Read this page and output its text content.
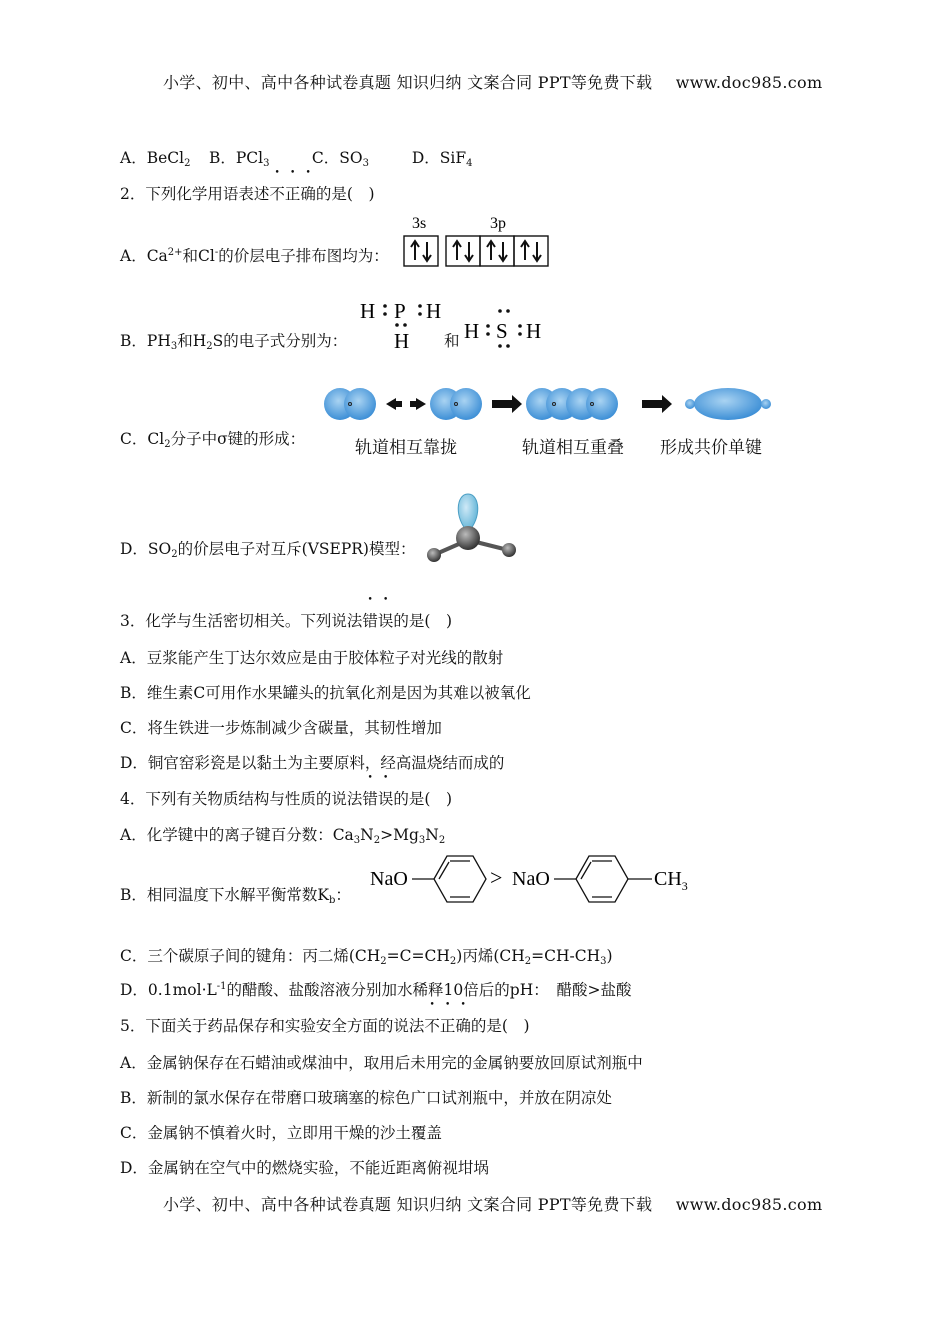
小学、初中、高中各种试卷真题 知识归纳 文案合同 PPT等免费下载 www.doc985.com
A．BeCl$_2$ B．PCl$_3$	C．$SO_3$	D．SiF$_4$
2．下列化学用语表述不正确的是(　)
A．$Ca^{2+}$和Cl-的价层电子排布图均为：
3s	3p
B．$PH_3$和$H_2S$的电子式分别为：
H P H
H 和 H S H
C．$Cl_2$分子中σ键的形成：	轨道相互靠拢	轨道相互重叠 形成共价单键
D．$SO_2$的价层电子对互斥(VSEPR)模型：
3．化学与生活密切相关。下列说法错误的是(　)
A．豆浆能产生丁达尔效应是由于胶体粒子对光线的散射
B．维生素C可用作水果罐头的抗氧化剂是因为其难以被氧化
C．将生铁进一步炼制减少含碳量，其韧性增加
D．铜官窑彩瓷是以黏土为主要原料，经高温烧结而成的
4．下列有关物质结构与性质的说法错误的是(　)
A．化学键中的离子键百分数：$Ca_3N_2>Mg_3N_2$
B．相同温度下水解平衡常数$K_b$：
NaO	> NaO	$CH_3$
C．三个碳原子间的键角：丙二烯$(CH_2=C=CH_2)$丙烯$(CH_2=CH-CH_3)$
D．$0.1mol\cdot L^{-1}$的醋酸、盐酸溶液分别加水稀释10倍后的pH：　醋酸>盐酸
5．下面关于药品保存和实验安全方面的说法不正确的是(　)
A．金属钠保存在石蜡油或煤油中，取用后未用完的金属钠要放回原试剂瓶中
B．新制的氯水保存在带磨口玻璃塞的棕色广口试剂瓶中，并放在阴凉处
C．金属钠不慎着火时，立即用干燥的沙土覆盖
D．金属钠在空气中的燃烧实验，不能近距离俯视坩埚
小学、初中、高中各种试卷真题 知识归纳 文案合同 PPT等免费下载 www.doc985.com
